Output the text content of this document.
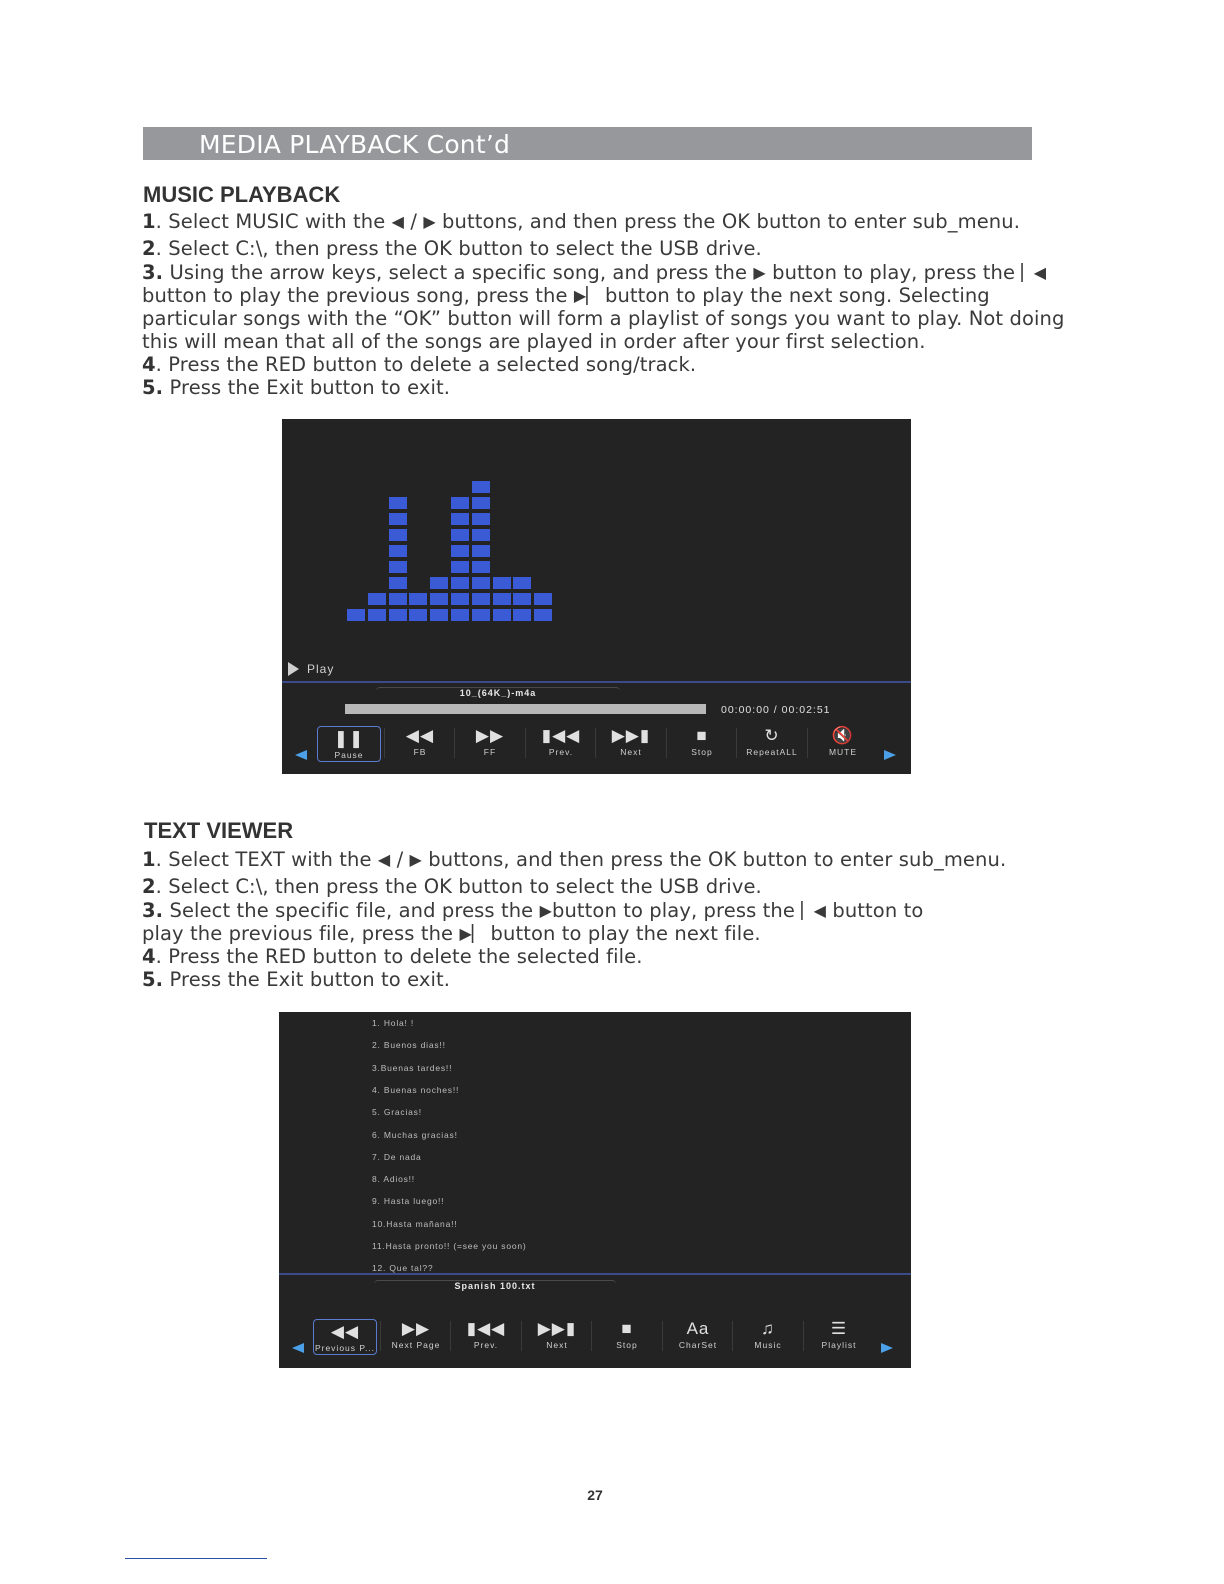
MEDIA PLAYBACK Cont’d
MUSIC PLAYBACK
1. Select MUSIC with the ◀ / ▶ buttons, and then press the OK button to enter sub_menu.
2. Select C:\, then press the OK button to select the USB drive.
3. Using the arrow keys, select a specific song, and press the ▶ button to play, press the ▏◀
button to play the previous song, press the ▶▏ button to play the next song. Selecting
particular songs with the “OK” button will form a playlist of songs you want to play. Not doing
this will mean that all of the songs are played in order after your first selection.
4. Press the RED button to delete a selected song/track.
5. Press the Exit button to exit.
Play
10_(64K_)-m4a
00:00:00 / 00:02:51
❚❚
Pause
◀◀
FB
▶▶
FF
▮◀◀
Prev.
▶▶▮
Next
■
Stop
↻
RepeatALL
🔇
MUTE
TEXT VIEWER
1. Select TEXT with the ◀ / ▶ buttons, and then press the OK button to enter sub_menu.
2. Select C:\, then press the OK button to select the USB drive.
3. Select the specific file, and press the ▶button to play, press the ▏◀ button to
play the previous file, press the ▶▏ button to play the next file.
4. Press the RED button to delete the selected file.
5. Press the Exit button to exit.
1. Hola! !
2. Buenos dias!!
3.Buenas tardes!!
4. Buenas noches!!
5. Gracias!
6. Muchas gracias!
7. De nada
8. Adios!!
9. Hasta luego!!
10.Hasta mañana!!
11.Hasta pronto!! (=see you soon)
12. Que tal??
Spanish 100.txt
◀◀
Previous P...
▶▶
Next Page
▮◀◀
Prev.
▶▶▮
Next
■
Stop
Aa
CharSet
♫
Music
☰
Playlist
27
